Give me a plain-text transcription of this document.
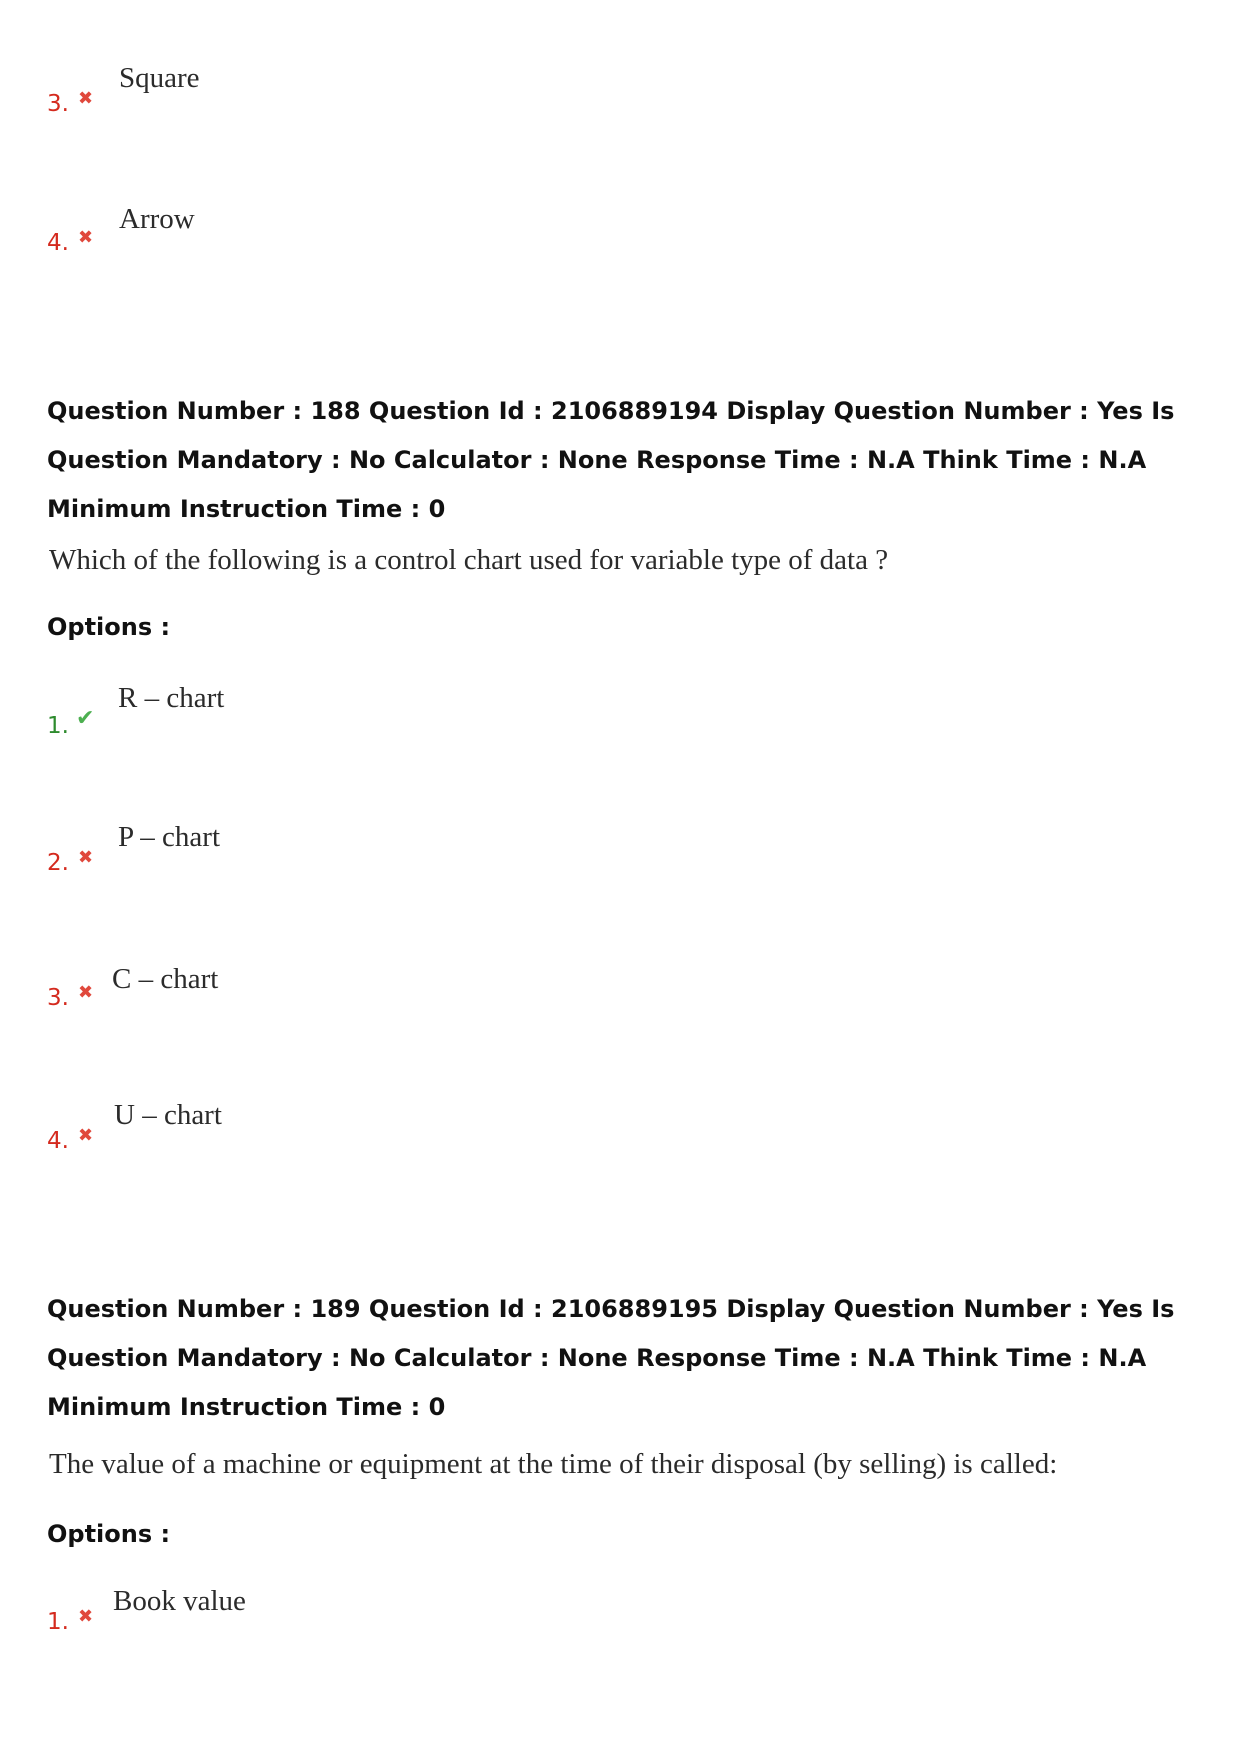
3. ✖
Square
4. ✖
Arrow
Question Number : 188 Question Id : 2106889194 Display Question Number : Yes Is Question Mandatory : No Calculator : None Response Time : N.A Think Time : N.A Minimum Instruction Time : 0
Which of the following is a control chart used for variable type of data ?
Options :
1. ✔
R – chart
2. ✖
P – chart
3. ✖ C – chart
4. ✖
U – chart
Question Number : 189 Question Id : 2106889195 Display Question Number : Yes Is Question Mandatory : No Calculator : None Response Time : N.A Think Time : N.A Minimum Instruction Time : 0
The value of a machine or equipment at the time of their disposal (by selling) is called:
Options :
1. ✖ Book value
